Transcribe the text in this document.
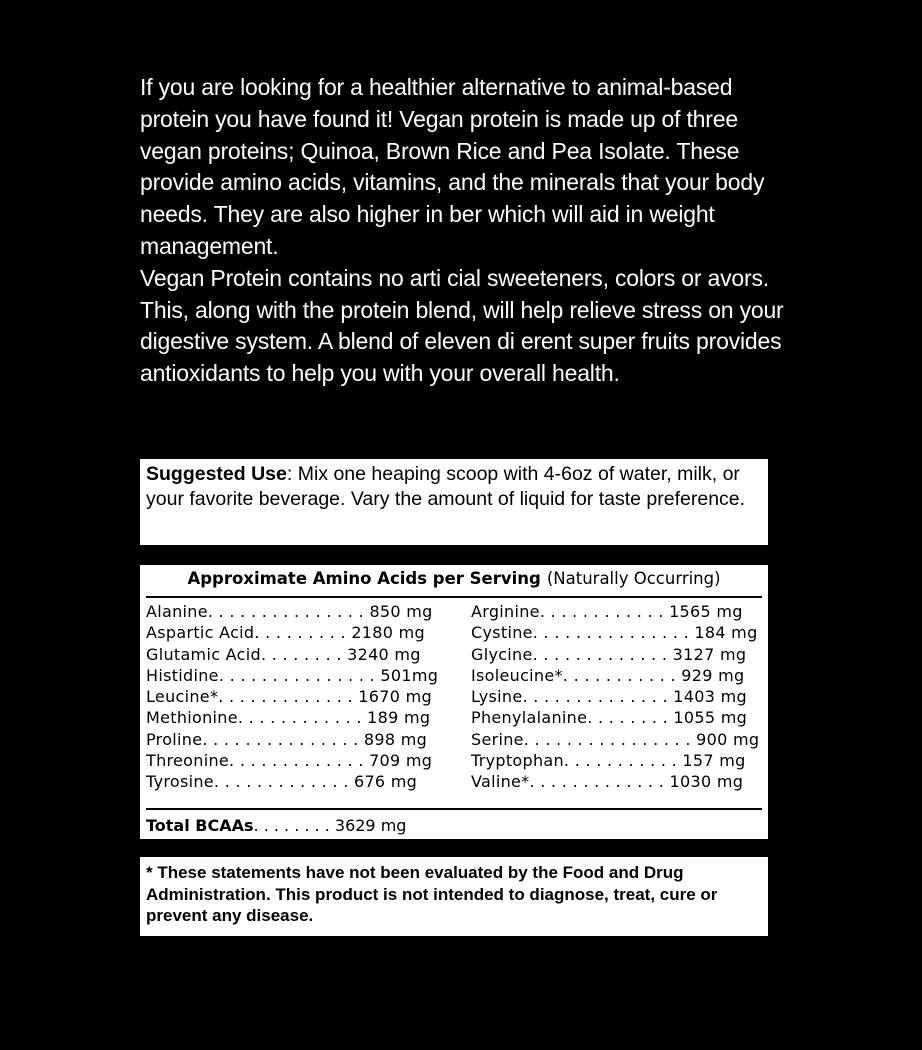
If you are looking for a healthier alternative to animal-based protein you have found it! Vegan protein is made up of three vegan proteins; Quinoa, Brown Rice and Pea Isolate. These provide amino acids, vitamins, and the minerals that your body needs. They are also higher in ber which will aid in weight management.

Vegan Protein contains no arti cial sweeteners, colors or avors. This, along with the protein blend, will help relieve stress on your digestive system. A blend of eleven di erent super fruits provides antioxidants to help you with your overall health.

Suggested Use: Mix one heaping scoop with 4-6oz of water, milk, or your favorite beverage. Vary the amount of liquid for taste preference.
Approximate Amino Acids per Serving (Naturally Occurring)
Alanine. . . . . . . . . . . . . . . 850 mg
Aspartic Acid. . . . . . . . . 2180 mg
Glutamic Acid. . . . . . . . 3240 mg
Histidine. . . . . . . . . . . . . . . 501mg
Leucine*. . . . . . . . . . . . . 1670 mg
Methionine. . . . . . . . . . . . 189 mg
Proline. . . . . . . . . . . . . . . 898 mg
Threonine. . . . . . . . . . . . . 709 mg
Tyrosine. . . . . . . . . . . . . 676 mg
Arginine. . . . . . . . . . . . 1565 mg
Cystine. . . . . . . . . . . . . . . 184 mg
Glycine. . . . . . . . . . . . . 3127 mg
Isoleucine*. . . . . . . . . . . 929 mg
Lysine. . . . . . . . . . . . . . 1403 mg
Phenylalanine. . . . . . . . 1055 mg
Serine. . . . . . . . . . . . . . . . 900 mg
Tryptophan. . . . . . . . . . . 157 mg
Valine*. . . . . . . . . . . . . 1030 mg
Total BCAAs. . . . . . . . 3629 mg
* These statements have not been evaluated by the Food and Drug Administration. This product is not intended to diagnose, treat, cure or prevent any disease.
